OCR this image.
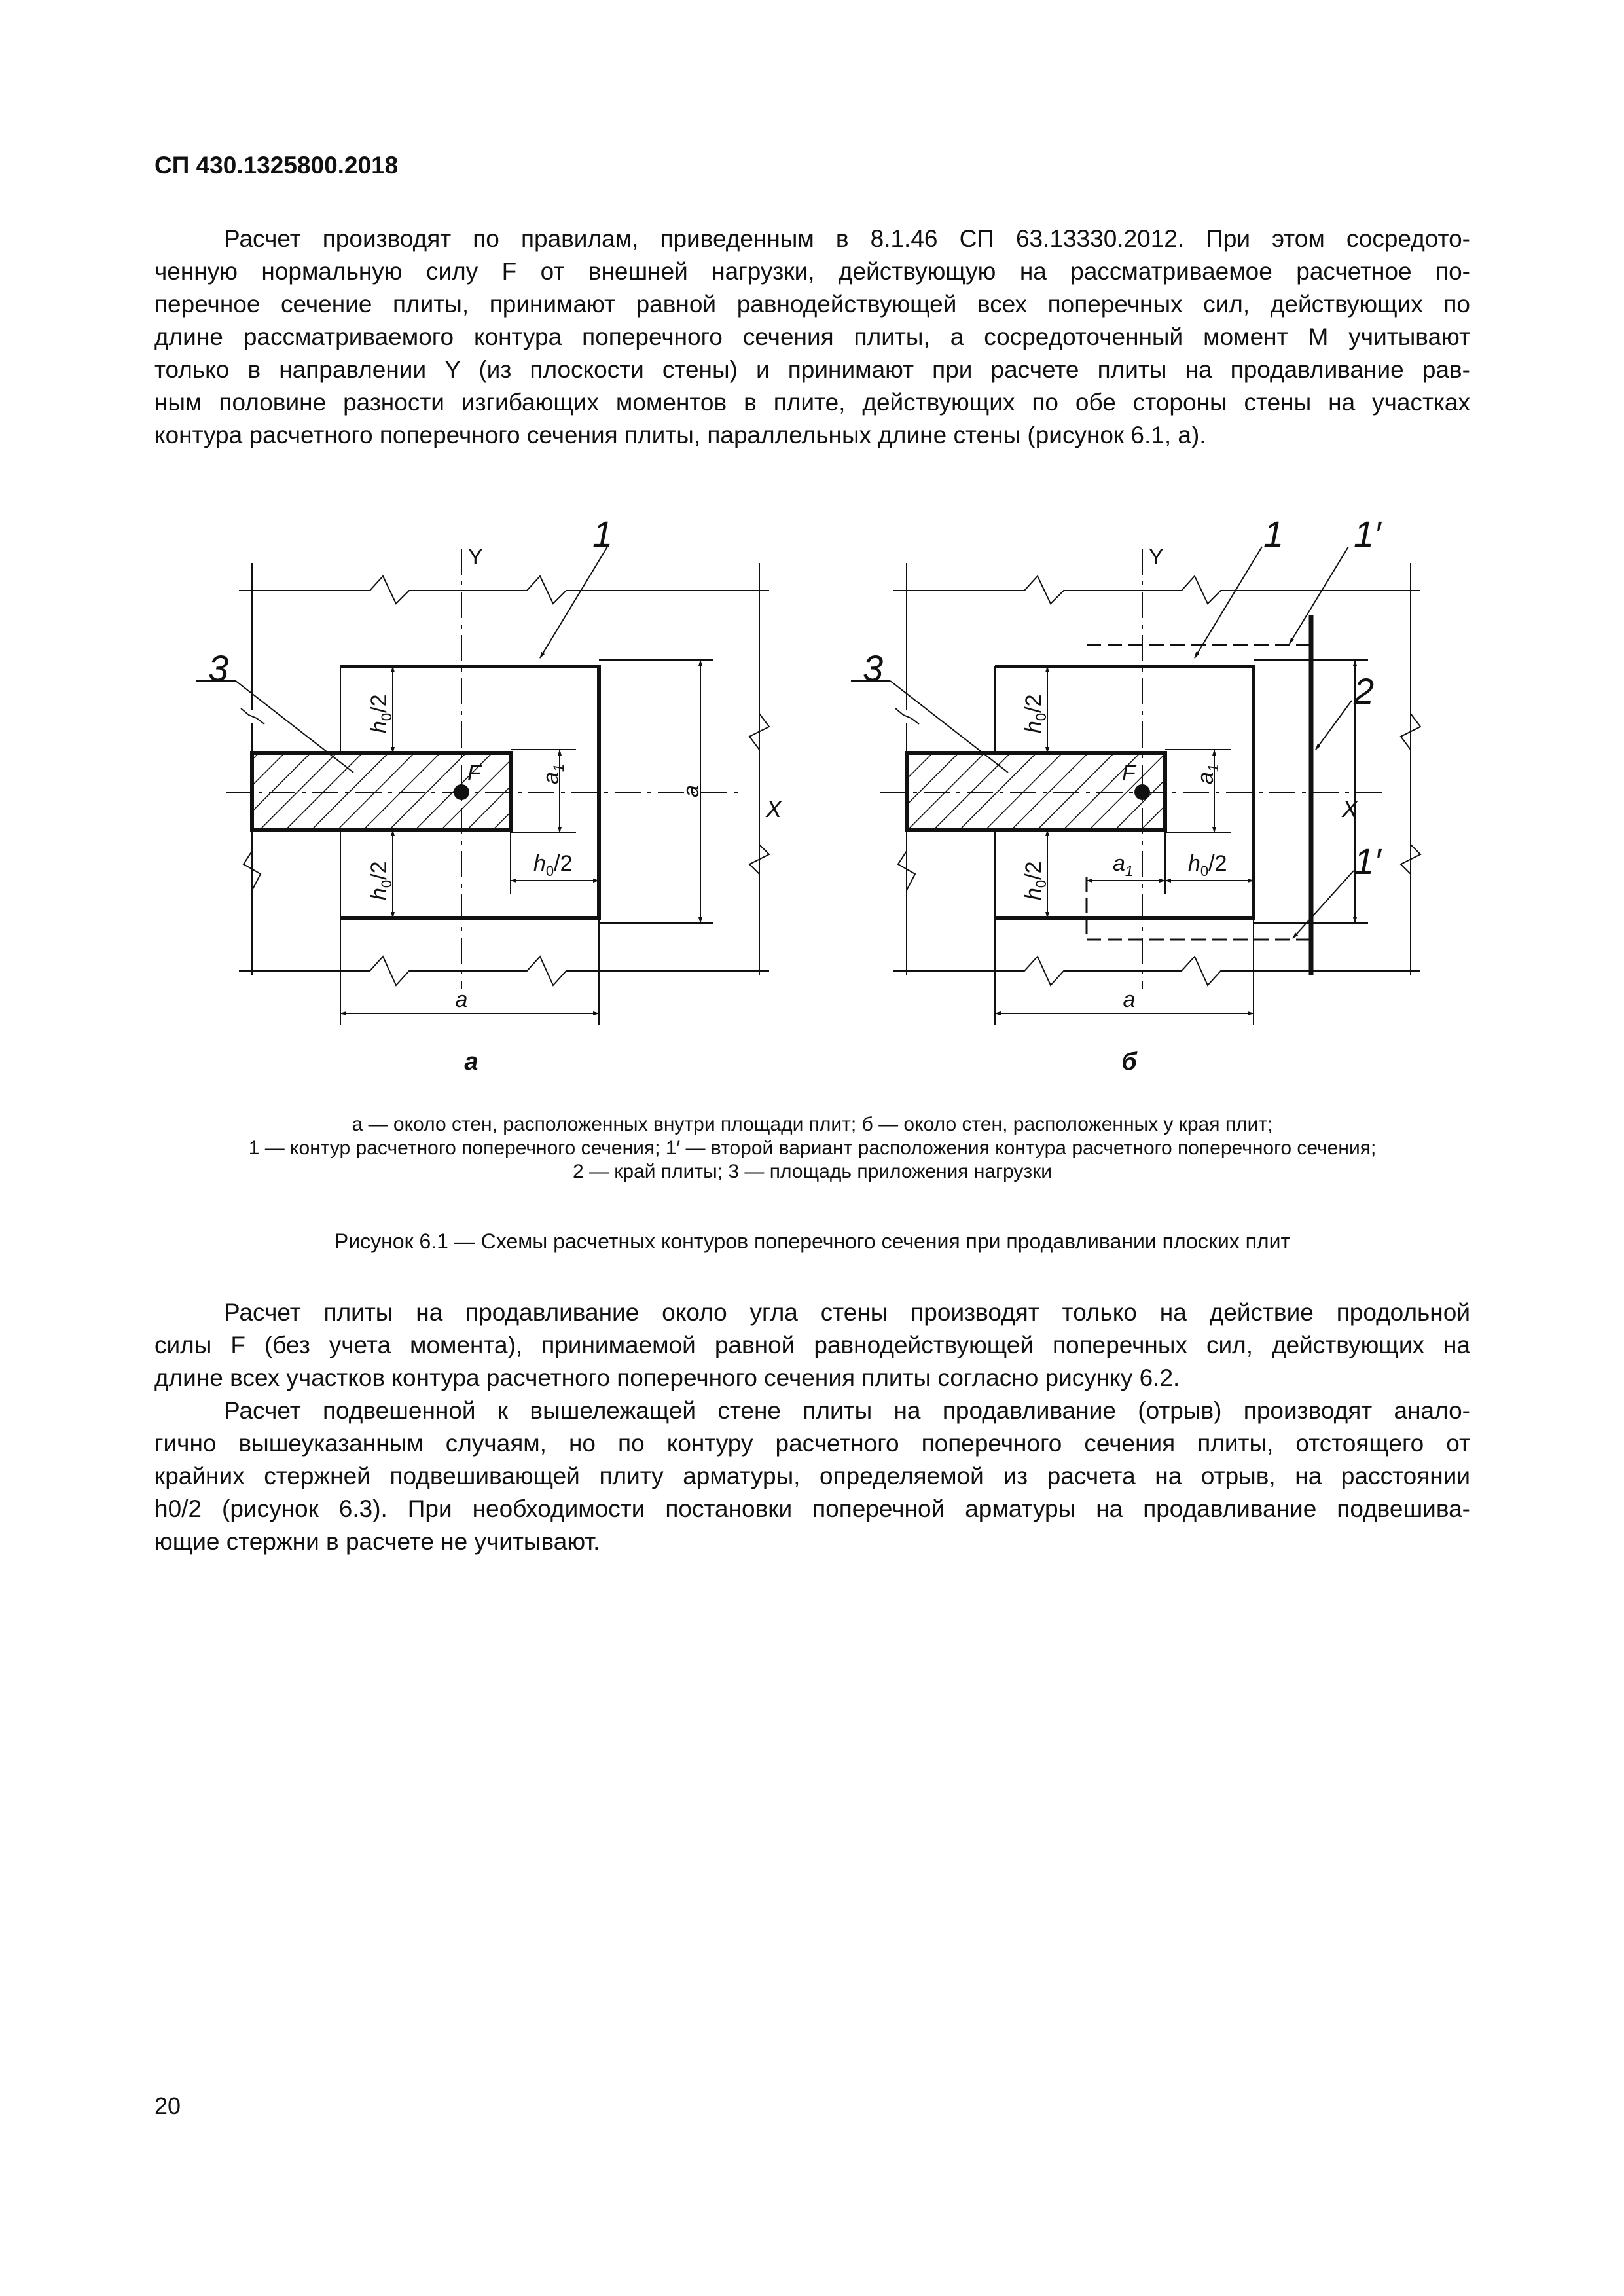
СП 430.1325800.2018
Расчет производят по правилам, приведенным в 8.1.46 СП 63.13330.2012. При этом сосредото-
ченную нормальную силу F от внешней нагрузки, действующую на рассматриваемое расчетное по-
перечное сечение плиты, принимают равной равнодействующей всех поперечных сил, действующих по
длине рассматриваемого контура поперечного сечения плиты, а сосредоточенный момент M учитывают
только в направлении Y (из плоскости стены) и принимают при расчете плиты на продавливание рав-
ным половине разности изгибающих моментов в плите, действующих по обе стороны стены на участках
контура расчетного поперечного сечения плиты, параллельных длине стены (рисунок 6.1, а).
Y
X
1
3
F
a
$a_1$
$h_0/2$
$h_0/2$
$h_0/2$
a
а
Y
X
1 1′
2
1′
3
F	$a_1$
$a_1$ $h_0/2$
$h_0/2$
$h_0/2$
a
б
а — около стен, расположенных внутри площади плит; б — около стен, расположенных у края плит;
1 — контур расчетного поперечного сечения; 1′ — второй вариант расположения контура расчетного поперечного сечения;
2 — край плиты; 3 — площадь приложения нагрузки
Рисунок 6.1 — Схемы расчетных контуров поперечного сечения при продавливании плоских плит
Расчет плиты на продавливание около угла стены производят только на действие продольной
силы F (без учета момента), принимаемой равной равнодействующей поперечных сил, действующих на
длине всех участков контура расчетного поперечного сечения плиты согласно рисунку 6.2.
Расчет подвешенной к вышележащей стене плиты на продавливание (отрыв) производят анало-
гично вышеуказанным случаям, но по контуру расчетного поперечного сечения плиты, отстоящего от
крайних стержней подвешивающей плиту арматуры, определяемой из расчета на отрыв, на расстоянии
h0/2 (рисунок 6.3). При необходимости постановки поперечной арматуры на продавливание подвешива-
ющие стержни в расчете не учитывают.
20
